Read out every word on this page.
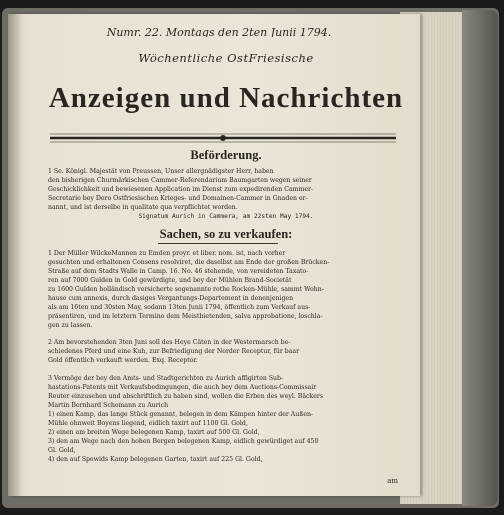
Numr. 22. Montags den 2ten Junii 1794.
Wöchentliche OstFriesische
Anzeigen und Nachrichten
Beförderung.
1 Se. Königl. Majestät von Preussen, Unser allergnädigster Herr, haben
den bisherigen Churmärkischen Cammer-Referendarium Baumgarten wegen seiner
Geschicklichkeit und bewiesenen Application im Dienst zum expedirenden Cammer-
Secretario bey Dero Ostfriesischen Krieges- und Domainen-Cammer in Gnaden er-
nannt, und ist derselbe in qualitate qua verpflichtet worden.
Signatum Aurich in Cammera, am 22sten May 1794.
Sachen, so zu verkaufen:
1 Der Müller WilckeMannen zu Emden proyr. et liber. nom. ist, nach vorher
gesuchten und erhaltenen Consens resolviret, die daselbst am Ende der großen Brücken-
Straße auf dem Stadts Walle in Camp. 16. No. 46 stehende, von vereideten Taxato-
ren auf 7000 Gulden in Gold gewürdigte, und bey der Mühlen Brand-Societät
zu 1600 Gulden holländisch versicherte sogenannte rothe Rocken-Mühle, sammt Wohn-
hause cum annexis, durch dasiges Vergantungs-Departement in denenjenigen
als am 16ten und 30sten May, sodann 13ten Junii 1794, öffentlich zum Verkauf aus-
präsentiren, und im letztern Termino dem Meistbietenden, salva approbatione, loschla-
gen zu lassen.
2 Am bevorstehenden 3ten Juni soll des Heye Cäten in der Westermarsch be-
schiedenes Pferd und eine Kuh, zur Befriedigung der Norder Receptur, für baar
Gold öffentlich verkauft werden. Exq. Receptor.
3 Vermöge der bey den Amts- und Stadtgerichten zu Aurich affigirten Sub-
hastations-Patents mit Verkaufsbedingungen, die auch bey dem Auctions-Commissair
Reuter einzusehen und abschriftlich zu haben sind, wollen die Erben des weyl. Bäckers
Martin Bernhard Schomann zu Aurich
1) einen Kamp, das lange Stück genannt, belegen in dem Kämpen hinter der Außen-
Mühle ohnweit Boyens liegend, eidlich taxirt auf 1100 Gl. Gold,
2) einen am breiten Wege belegenen Kamp, taxirt auf 500 Gl. Gold,
3) den am Wege nach den hohen Bergen belegenen Kamp, eidlich gewürdiget auf 450
Gl. Gold,
4) den auf Spewids Kamp belegenen Garten, taxirt auf 225 Gl. Gold,
am
